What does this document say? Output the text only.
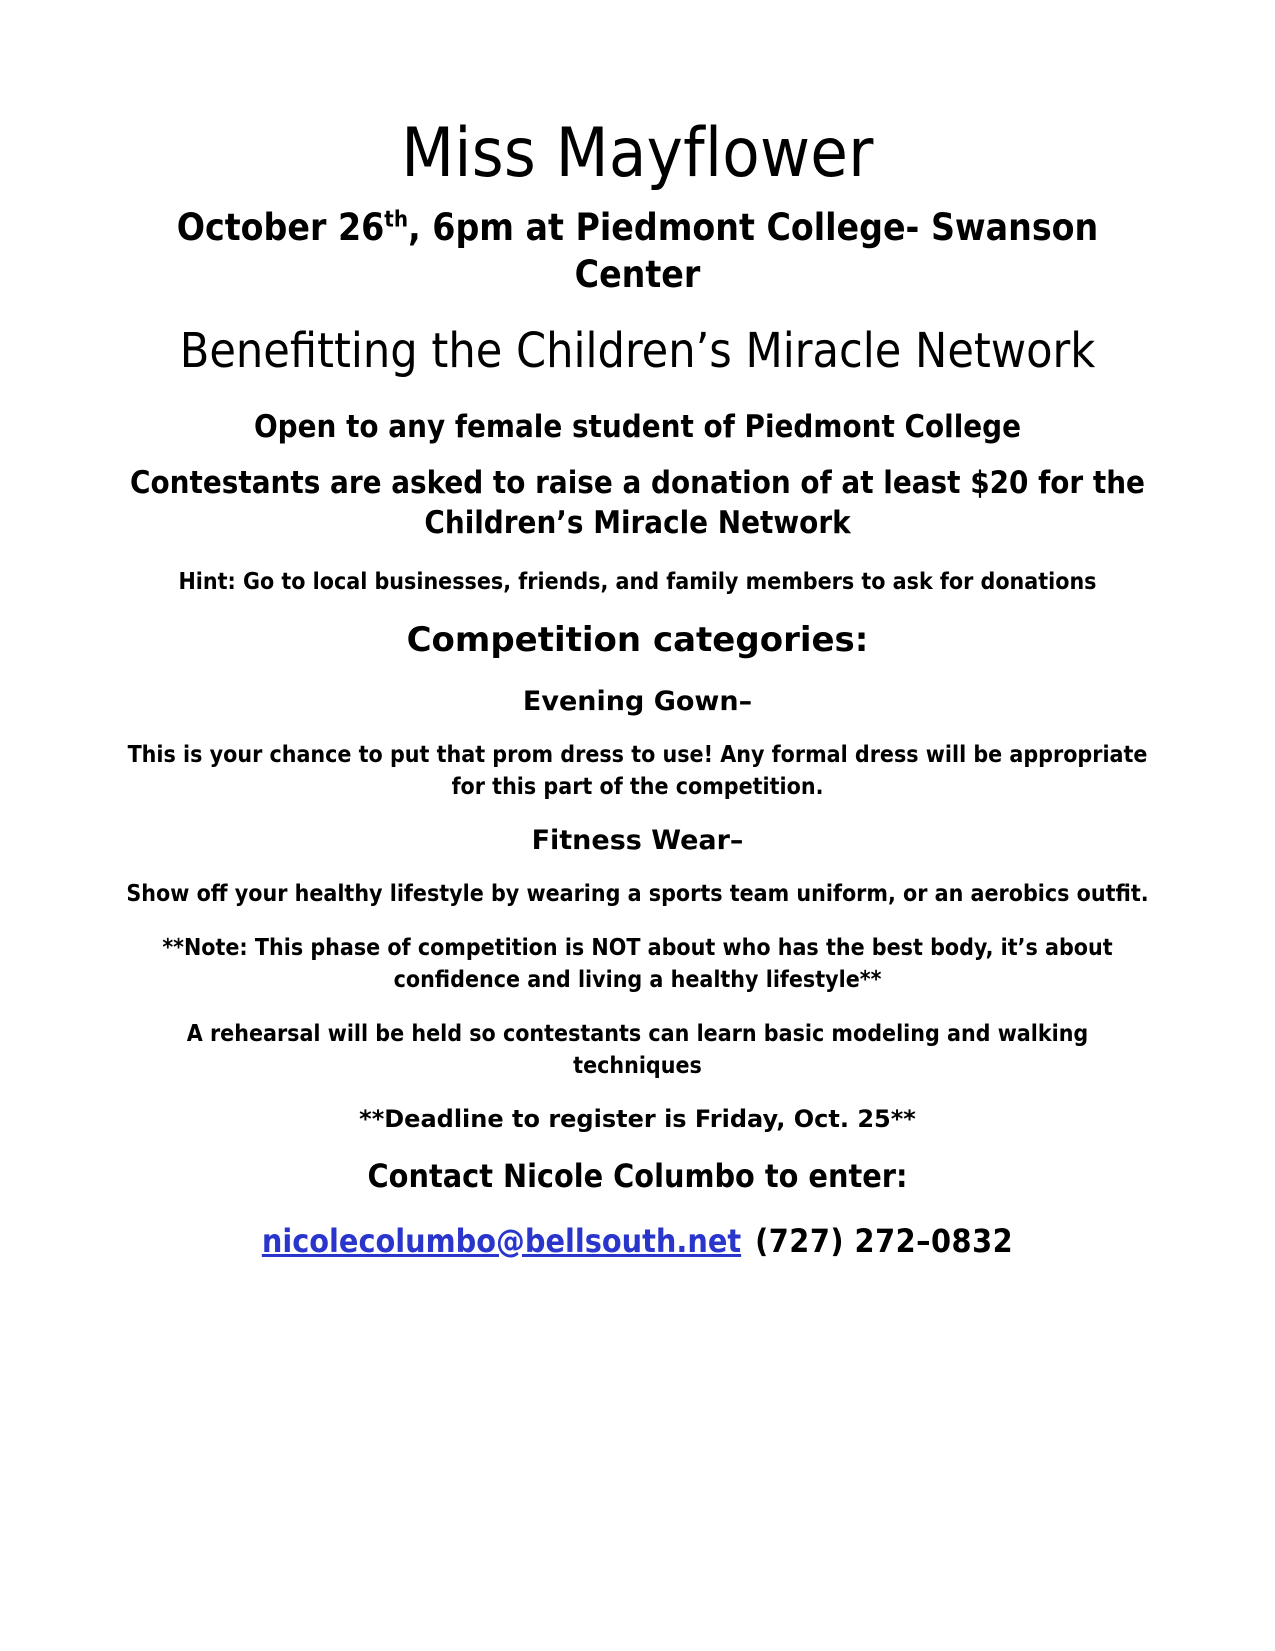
Miss Mayflower

October 26th, 6pm at Piedmont College- Swanson Center

Benefitting the Children’s Miracle Network

Open to any female student of Piedmont College

Contestants are asked to raise a donation of at least $20 for the Children’s Miracle Network

Hint: Go to local businesses, friends, and family members to ask for donations

Competition categories:
Evening Gown–

This is your chance to put that prom dress to use! Any formal dress will be appropriate for this part of the competition.

Fitness Wear–

Show off your healthy lifestyle by wearing a sports team uniform, or an aerobics outfit.

**Note: This phase of competition is NOT about who has the best body, it’s about confidence and living a healthy lifestyle**

A rehearsal will be held so contestants can learn basic modeling and walking techniques

**Deadline to register is Friday, Oct. 25**

Contact Nicole Columbo to enter:

nicolecolumbo@bellsouth.net (727) 272–0832
